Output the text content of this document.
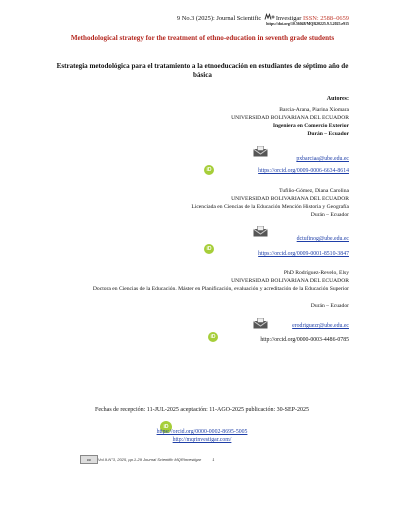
9 No.3 (2025): Journal Scientific Investigar ISSN: 2588–0659
https://doi.org/10.56048/MQR20225.9.3.2025.e915
Methodological strategy for the treatment of ethno-education in seventh grade students
Estrategia metodológica para el tratamiento a la etnoeducación en estudiantes de séptimo año de básica
Autores:
Barcia-Arana, Piarina Xiomara
UNIVERSIDAD BOLIVARIANA DEL ECUADOR
Ingeniera en Comercio Exterior
Durán – Ecuador
pxbarciaa@ube.edu.ec
iD	https://orcid.org/0009-0006-6634-8614
Tufiño-Gómez, Diana Carolina
UNIVERSIDAD BOLIVARIANA DEL ECUADOR
Licenciada en Ciencias de la Educación Mención Historia y Geografía
Durán – Ecuador
dctufinog@ube.edu.ec
iD
https://orcid.org/0009-0001-8510-3847
PhD Rodríguez-Revelo, Elsy
UNIVERSIDAD BOLIVARIANA DEL ECUADOR
Doctora en Ciencias de la Educación. Máster en Planificación, evaluación y acreditación de la Educación Superior
Durán – Ecuador
erodriguezr@ube.edu.ec
iD	http://orcid.org/0000-0003-4486-0785
Fechas de recepción: 11-JUL-2025 aceptación: 11-AGO-2025 publicación: 30-SEP-2025
iD
https://orcid.org/0000-0002-8695-5005
http://mqrinvestigar.com/
cc	Vol.9-N°3, 2025, pp.1-29 Journal Scientific MQRInvestigar	1
